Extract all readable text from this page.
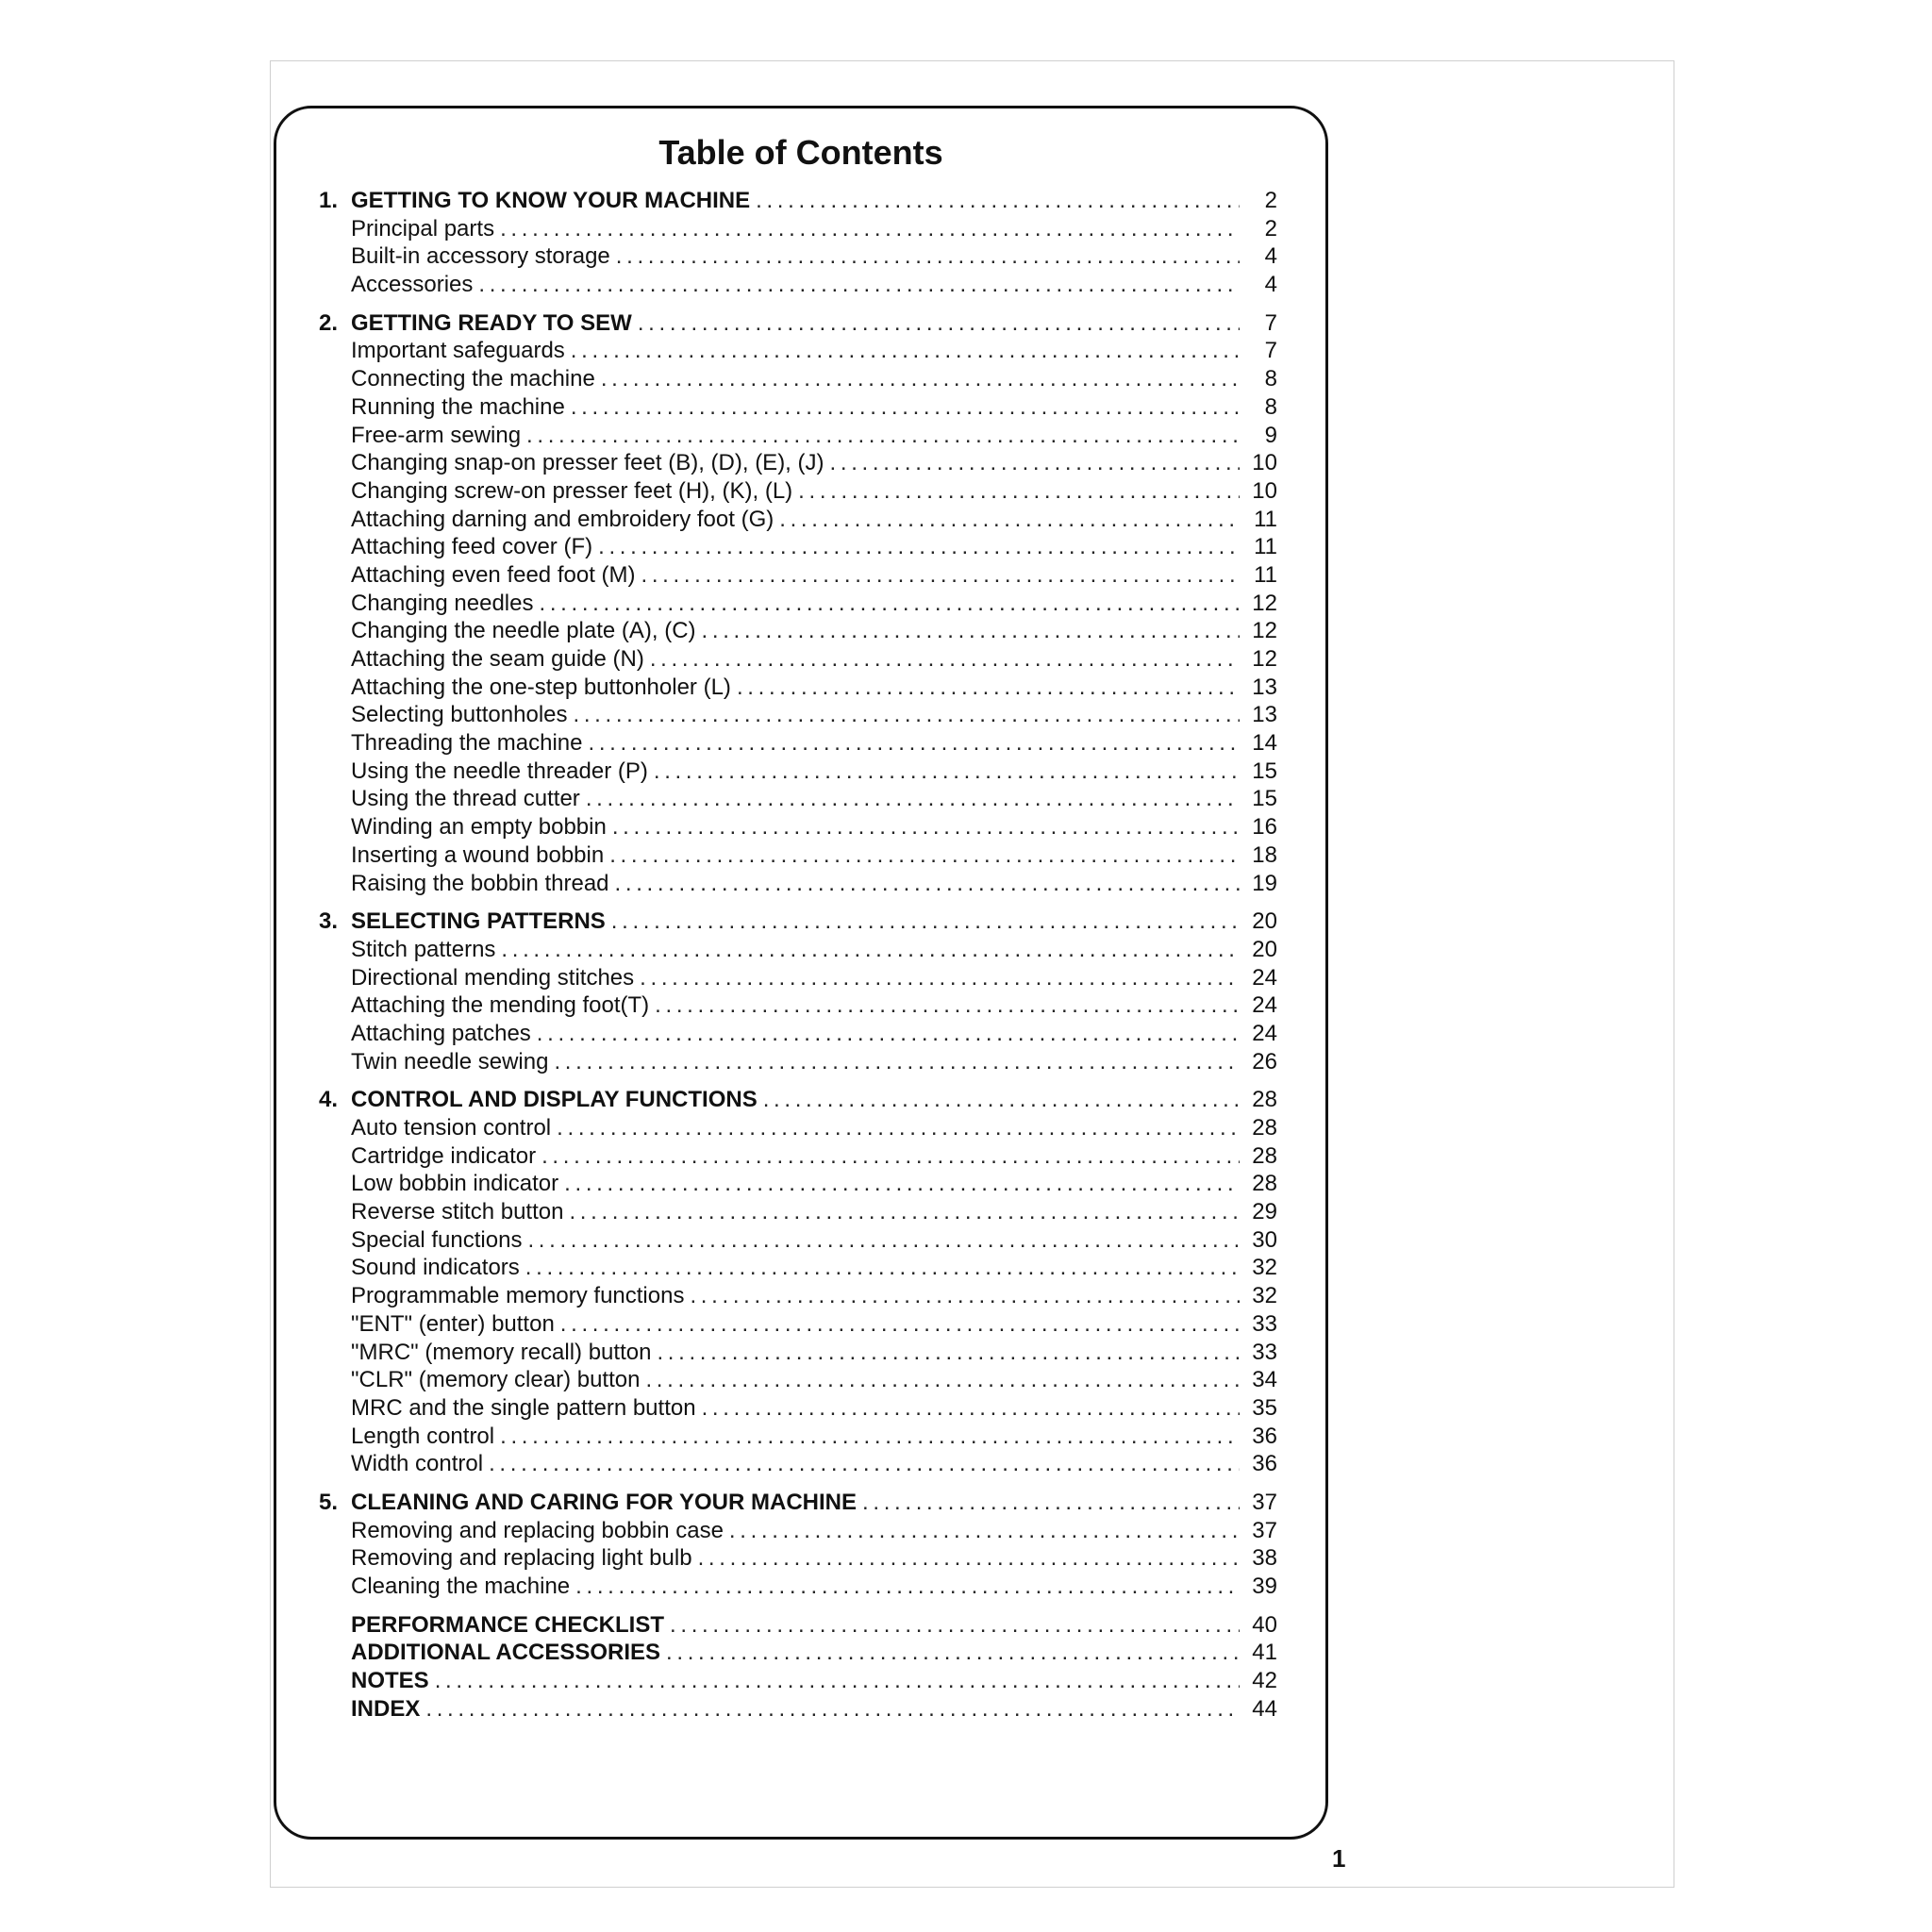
Table of Contents
1. GETTING TO KNOW YOUR MACHINE . . .	2
Principal parts . . .	2
Built-in accessory storage . . .	4
Accessories . . .	4
2. GETTING READY TO SEW . . .	7
Important safeguards . . .	7
Connecting the machine . . .	8
Running the machine . . .	8
Free-arm sewing . . .	9
Changing snap-on presser feet (B), (D), (E), (J) . . .	10
Changing screw-on presser feet (H), (K), (L) . . .	10
Attaching darning and embroidery foot (G) . . .	11
Attaching feed cover (F) . . .	11
Attaching even feed foot (M) . . .	11
Changing needles . . .	12
Changing the needle plate (A), (C) . . .	12
Attaching the seam guide (N) . . .	12
Attaching the one-step buttonholer (L) . . .	13
Selecting buttonholes . . .	13
Threading the machine . . .	14
Using the needle threader (P) . . .	15
Using the thread cutter . . .	15
Winding an empty bobbin . . .	16
Inserting a wound bobbin . . .	18
Raising the bobbin thread . . .	19
3. SELECTING PATTERNS . . .	20
Stitch patterns . . .	20
Directional mending stitches . . .	24
Attaching the mending foot(T) . . .	24
Attaching patches . . .	24
Twin needle sewing . . .	26
4. CONTROL AND DISPLAY FUNCTIONS . . .	28
Auto tension control . . .	28
Cartridge indicator . . .	28
Low bobbin indicator . . .	28
Reverse stitch button . . .	29
Special functions . . .	30
Sound indicators . . .	32
Programmable memory functions . . .	32
"ENT" (enter) button . . .	33
"MRC" (memory recall) button . . .	33
"CLR" (memory clear) button . . .	34
MRC and the single pattern button . . .	35
Length control . . .	36
Width control . . .	36
5. CLEANING AND CARING FOR YOUR MACHINE . . .	37
Removing and replacing bobbin case . . .	37
Removing and replacing light bulb . . .	38
Cleaning the machine . . .	39
PERFORMANCE CHECKLIST . . .	40
ADDITIONAL ACCESSORIES . . .	41
NOTES . . .	42
INDEX . . .	44
1
